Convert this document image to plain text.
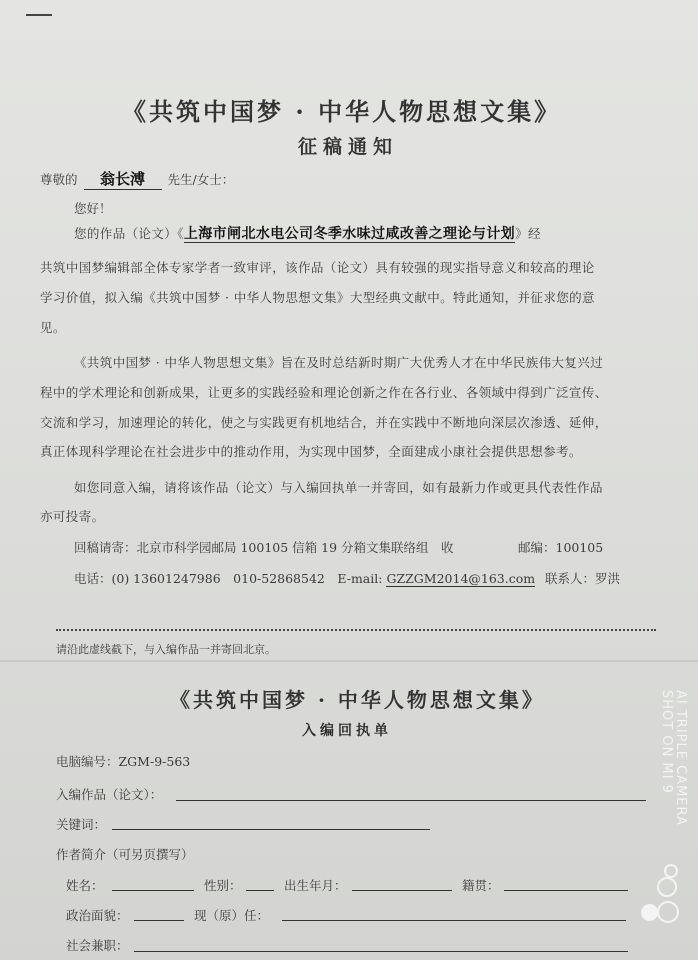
《共筑中国梦 · 中华人物思想文集》
征稿通知
尊敬的 翁长溥 先生/女士：
您好！
您的作品（论文）《上海市闸北水电公司冬季水味过咸改善之理论与计划》经
共筑中国梦编辑部全体专家学者一致审评，该作品（论文）具有较强的现实指导意义和较高的理论
学习价值，拟入编《共筑中国梦 · 中华人物思想文集》大型经典文献中。特此通知，并征求您的意
见。
《共筑中国梦 · 中华人物思想文集》旨在及时总结新时期广大优秀人才在中华民族伟大复兴过
程中的学术理论和创新成果，让更多的实践经验和理论创新之作在各行业、各领域中得到广泛宣传、
交流和学习，加速理论的转化，使之与实践更有机地结合，并在实践中不断地向深层次渗透、延伸，
真正体现科学理论在社会进步中的推动作用，为实现中国梦，全面建成小康社会提供思想参考。
如您同意入编，请将该作品（论文）与入编回执单一并寄回，如有最新力作或更具代表性作品
亦可投寄。
回稿请寄：北京市科学园邮局 100105 信箱 19 分箱文集联络组　收	邮编：100105
电话：(0) 13601247986　010-52868542　E-mail: GZZGM2014@163.com 联系人：罗洪
请沿此虚线截下，与入编作品一并寄回北京。
《共筑中国梦 · 中华人物思想文集》
入编回执单
电脑编号：ZGM-9-563
入编作品（论文）：
关键词：
作者简介（可另页撰写）
姓名：	性别：	出生年月：	籍贯：
政治面貌：	现（原）任：
社会兼职：
SHOT ON MI 9 AI TRIPLE CAMERA
